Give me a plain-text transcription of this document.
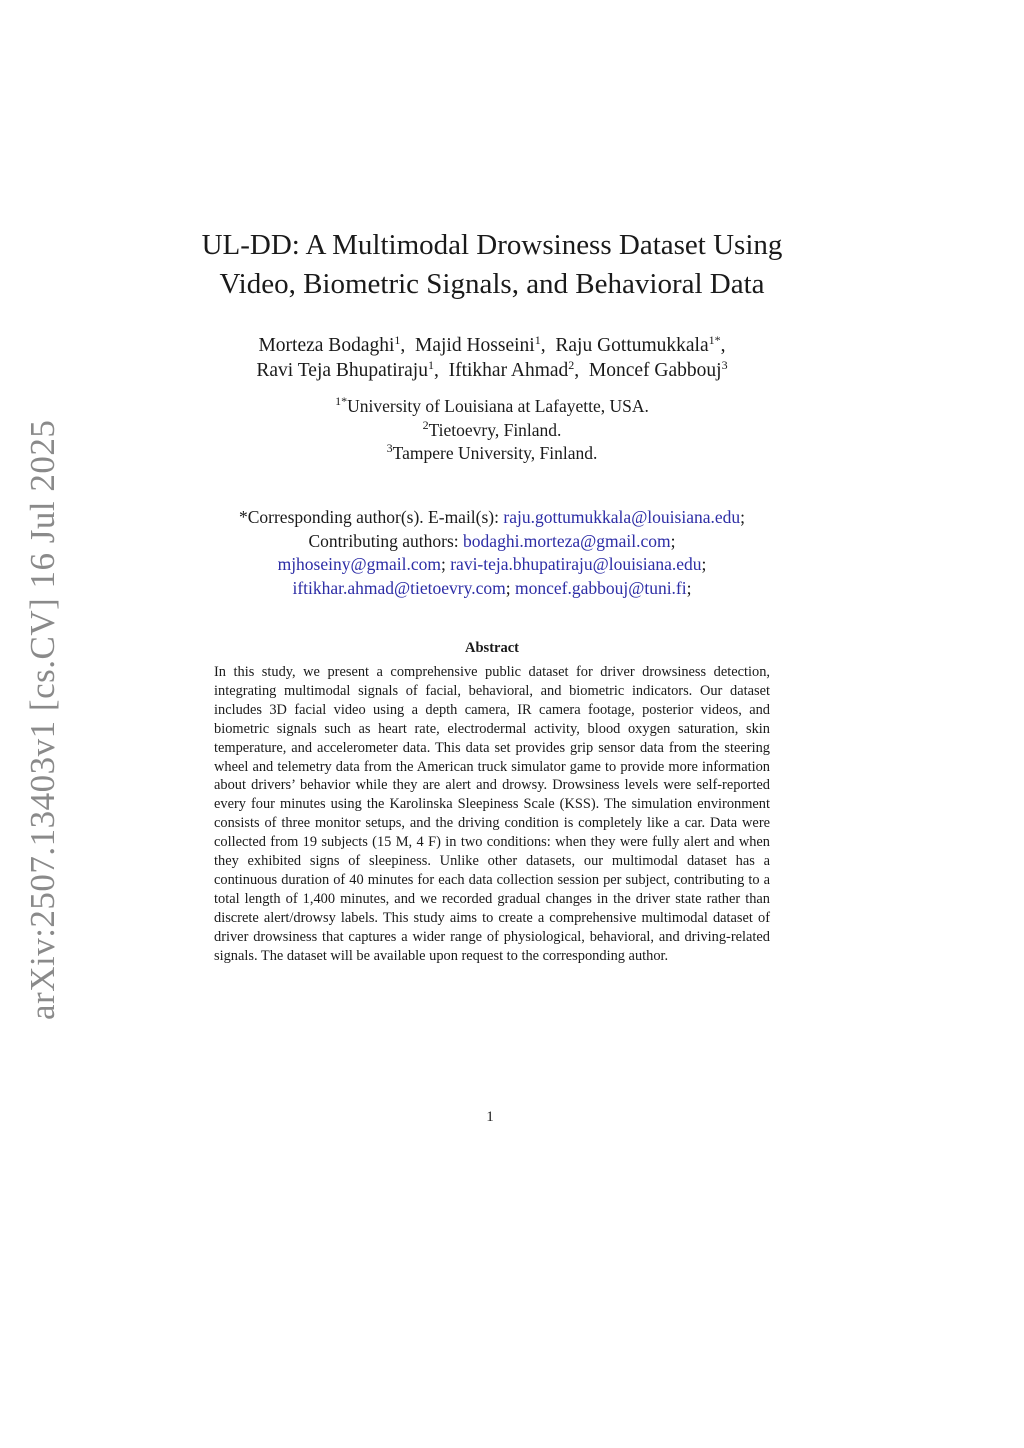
arXiv:2507.13403v1 [cs.CV] 16 Jul 2025
UL-DD: A Multimodal Drowsiness Dataset Using
Video, Biometric Signals, and Behavioral Data
Morteza Bodaghi$^1$,  Majid Hosseini$^1$,  Raju Gottumukkala$^{1*}$,
Ravi Teja Bhupatiraju$^1$,  Iftikhar Ahmad$^2$,  Moncef Gabbouj$^3$
$^{1*}$University of Louisiana at Lafayette, USA.
$^2$Tietoevry, Finland.
$^3$Tampere University, Finland.
*Corresponding author(s). E-mail(s): raju.gottumukkala@louisiana.edu;
Contributing authors: bodaghi.morteza@gmail.com;
mjhoseiny@gmail.com; ravi-teja.bhupatiraju@louisiana.edu;
iftikhar.ahmad@tietoevry.com; moncef.gabbouj@tuni.fi;
Abstract
In this study, we present a comprehensive public dataset for driver drowsiness detection, integrating multimodal signals of facial, behavioral, and biometric indicators. Our dataset includes 3D facial video using a depth camera, IR camera footage, posterior videos, and biometric signals such as heart rate, electrodermal activity, blood oxygen saturation, skin temperature, and accelerometer data. This data set provides grip sensor data from the steering wheel and telemetry data from the American truck simulator game to provide more information about drivers’ behavior while they are alert and drowsy. Drowsiness levels were self-reported every four minutes using the Karolinska Sleepiness Scale (KSS). The simulation environment consists of three monitor setups, and the driving condition is completely like a car. Data were collected from 19 subjects (15 M, 4 F) in two conditions: when they were fully alert and when they exhibited signs of sleepiness. Unlike other datasets, our multimodal dataset has a continuous duration of 40 minutes for each data collection session per subject, contributing to a total length of 1,400 minutes, and we recorded gradual changes in the driver state rather than discrete alert/drowsy labels. This study aims to create a comprehensive multimodal dataset of driver drowsiness that captures a wider range of physiological, behavioral, and driving-related signals. The dataset will be available upon request to the corresponding author.
1
